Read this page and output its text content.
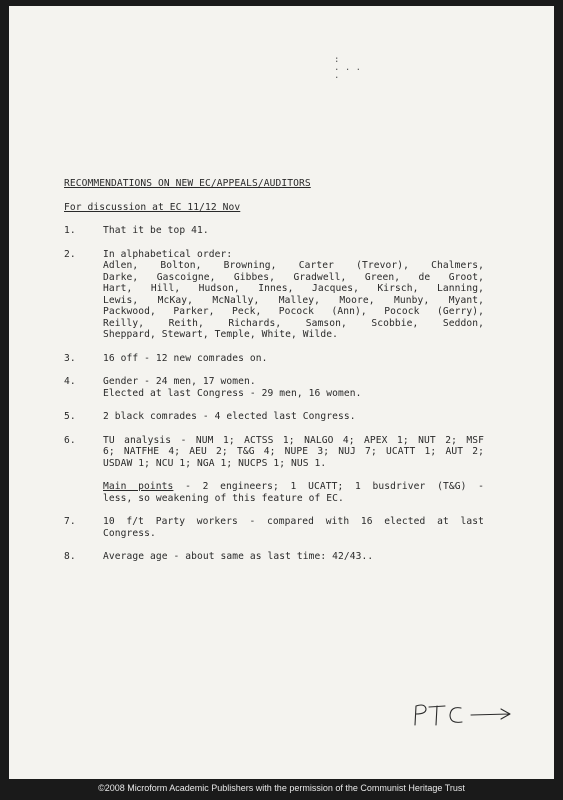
:
. . .
.
RECOMMENDATIONS ON NEW EC/APPEALS/AUDITORS
For discussion at EC 11/12 Nov
1.	That it be top 41.
2.	In alphabetical order:
Adlen, Bolton, Browning, Carter (Trevor), Chalmers,
Darke, Gascoigne, Gibbes, Gradwell, Green, de Groot,
Hart, Hill, Hudson, Innes, Jacques, Kirsch, Lanning,
Lewis, McKay, McNally, Malley, Moore, Munby, Myant,
Packwood, Parker, Peck, Pocock (Ann), Pocock (Gerry),
Reilly, Reith, Richards, Samson, Scobbie, Seddon,
Sheppard, Stewart, Temple, White, Wilde.
3.	16 off - 12 new comrades on.
4.	Gender - 24 men, 17 women.
Elected at last Congress - 29 men, 16 women.
5.	2 black comrades - 4 elected last Congress.
6.	TU analysis - NUM 1; ACTSS 1; NALGO 4; APEX 1; NUT 2; MSF
6; NATFHE 4; AEU 2; T&G 4; NUPE 3; NUJ 7; UCATT 1; AUT 2;
USDAW 1; NCU 1; NGA 1; NUCPS 1; NUS 1.
Main points - 2 engineers; 1 UCATT; 1 busdriver (T&G) -
less, so weakening of this feature of EC.
7.	10 f/t Party workers - compared with 16 elected at last
Congress.
8.	Average age - about same as last time: 42/43..
©2008 Microform Academic Publishers with the permission of the Communist Heritage Trust
